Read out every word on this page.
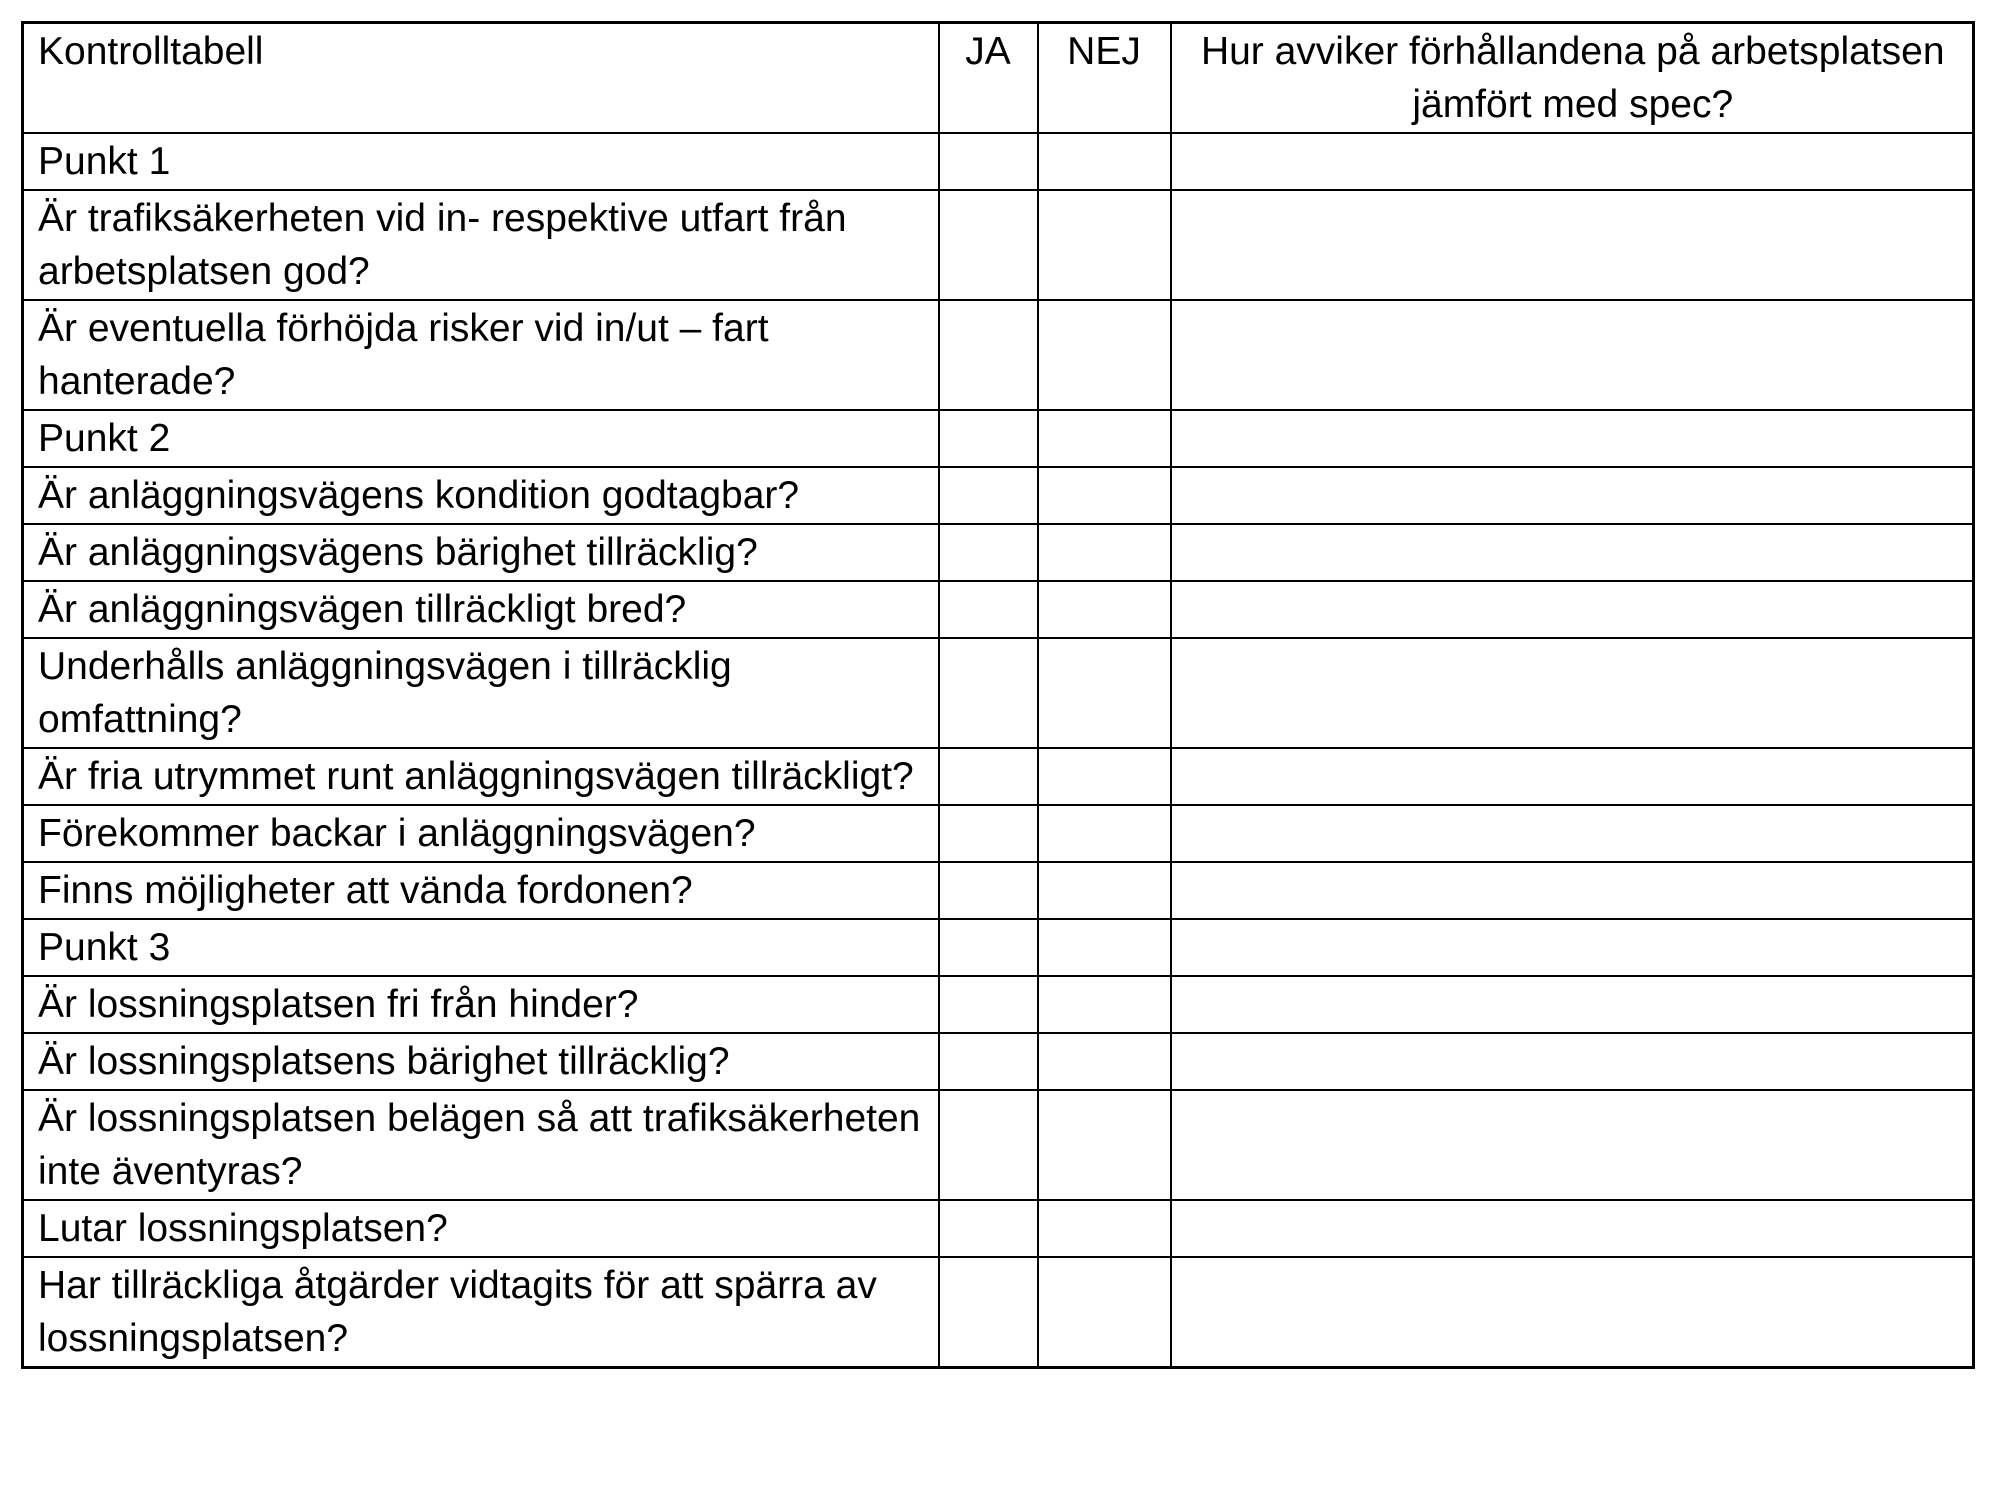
Kontrolltabell	JA	NEJ	Hur avviker förhållandena på arbetsplatsen jämfört med spec?
Punkt 1			
Är trafiksäkerheten vid in- respektive utfart från arbetsplatsen god?			
Är eventuella förhöjda risker vid in/ut – fart hanterade?			
Punkt 2			
Är anläggningsvägens kondition godtagbar?			
Är anläggningsvägens bärighet tillräcklig?			
Är anläggningsvägen tillräckligt bred?			
Underhålls anläggningsvägen i tillräcklig omfattning?			
Är fria utrymmet runt anläggningsvägen tillräckligt?			
Förekommer backar i anläggningsvägen?			
Finns möjligheter att vända fordonen?			
Punkt 3			
Är lossningsplatsen fri från hinder?			
Är lossningsplatsens bärighet tillräcklig?			
Är lossningsplatsen belägen så att trafiksäkerheten inte äventyras?			
Lutar lossningsplatsen?			
Har tillräckliga åtgärder vidtagits för att spärra av lossningsplatsen?			
